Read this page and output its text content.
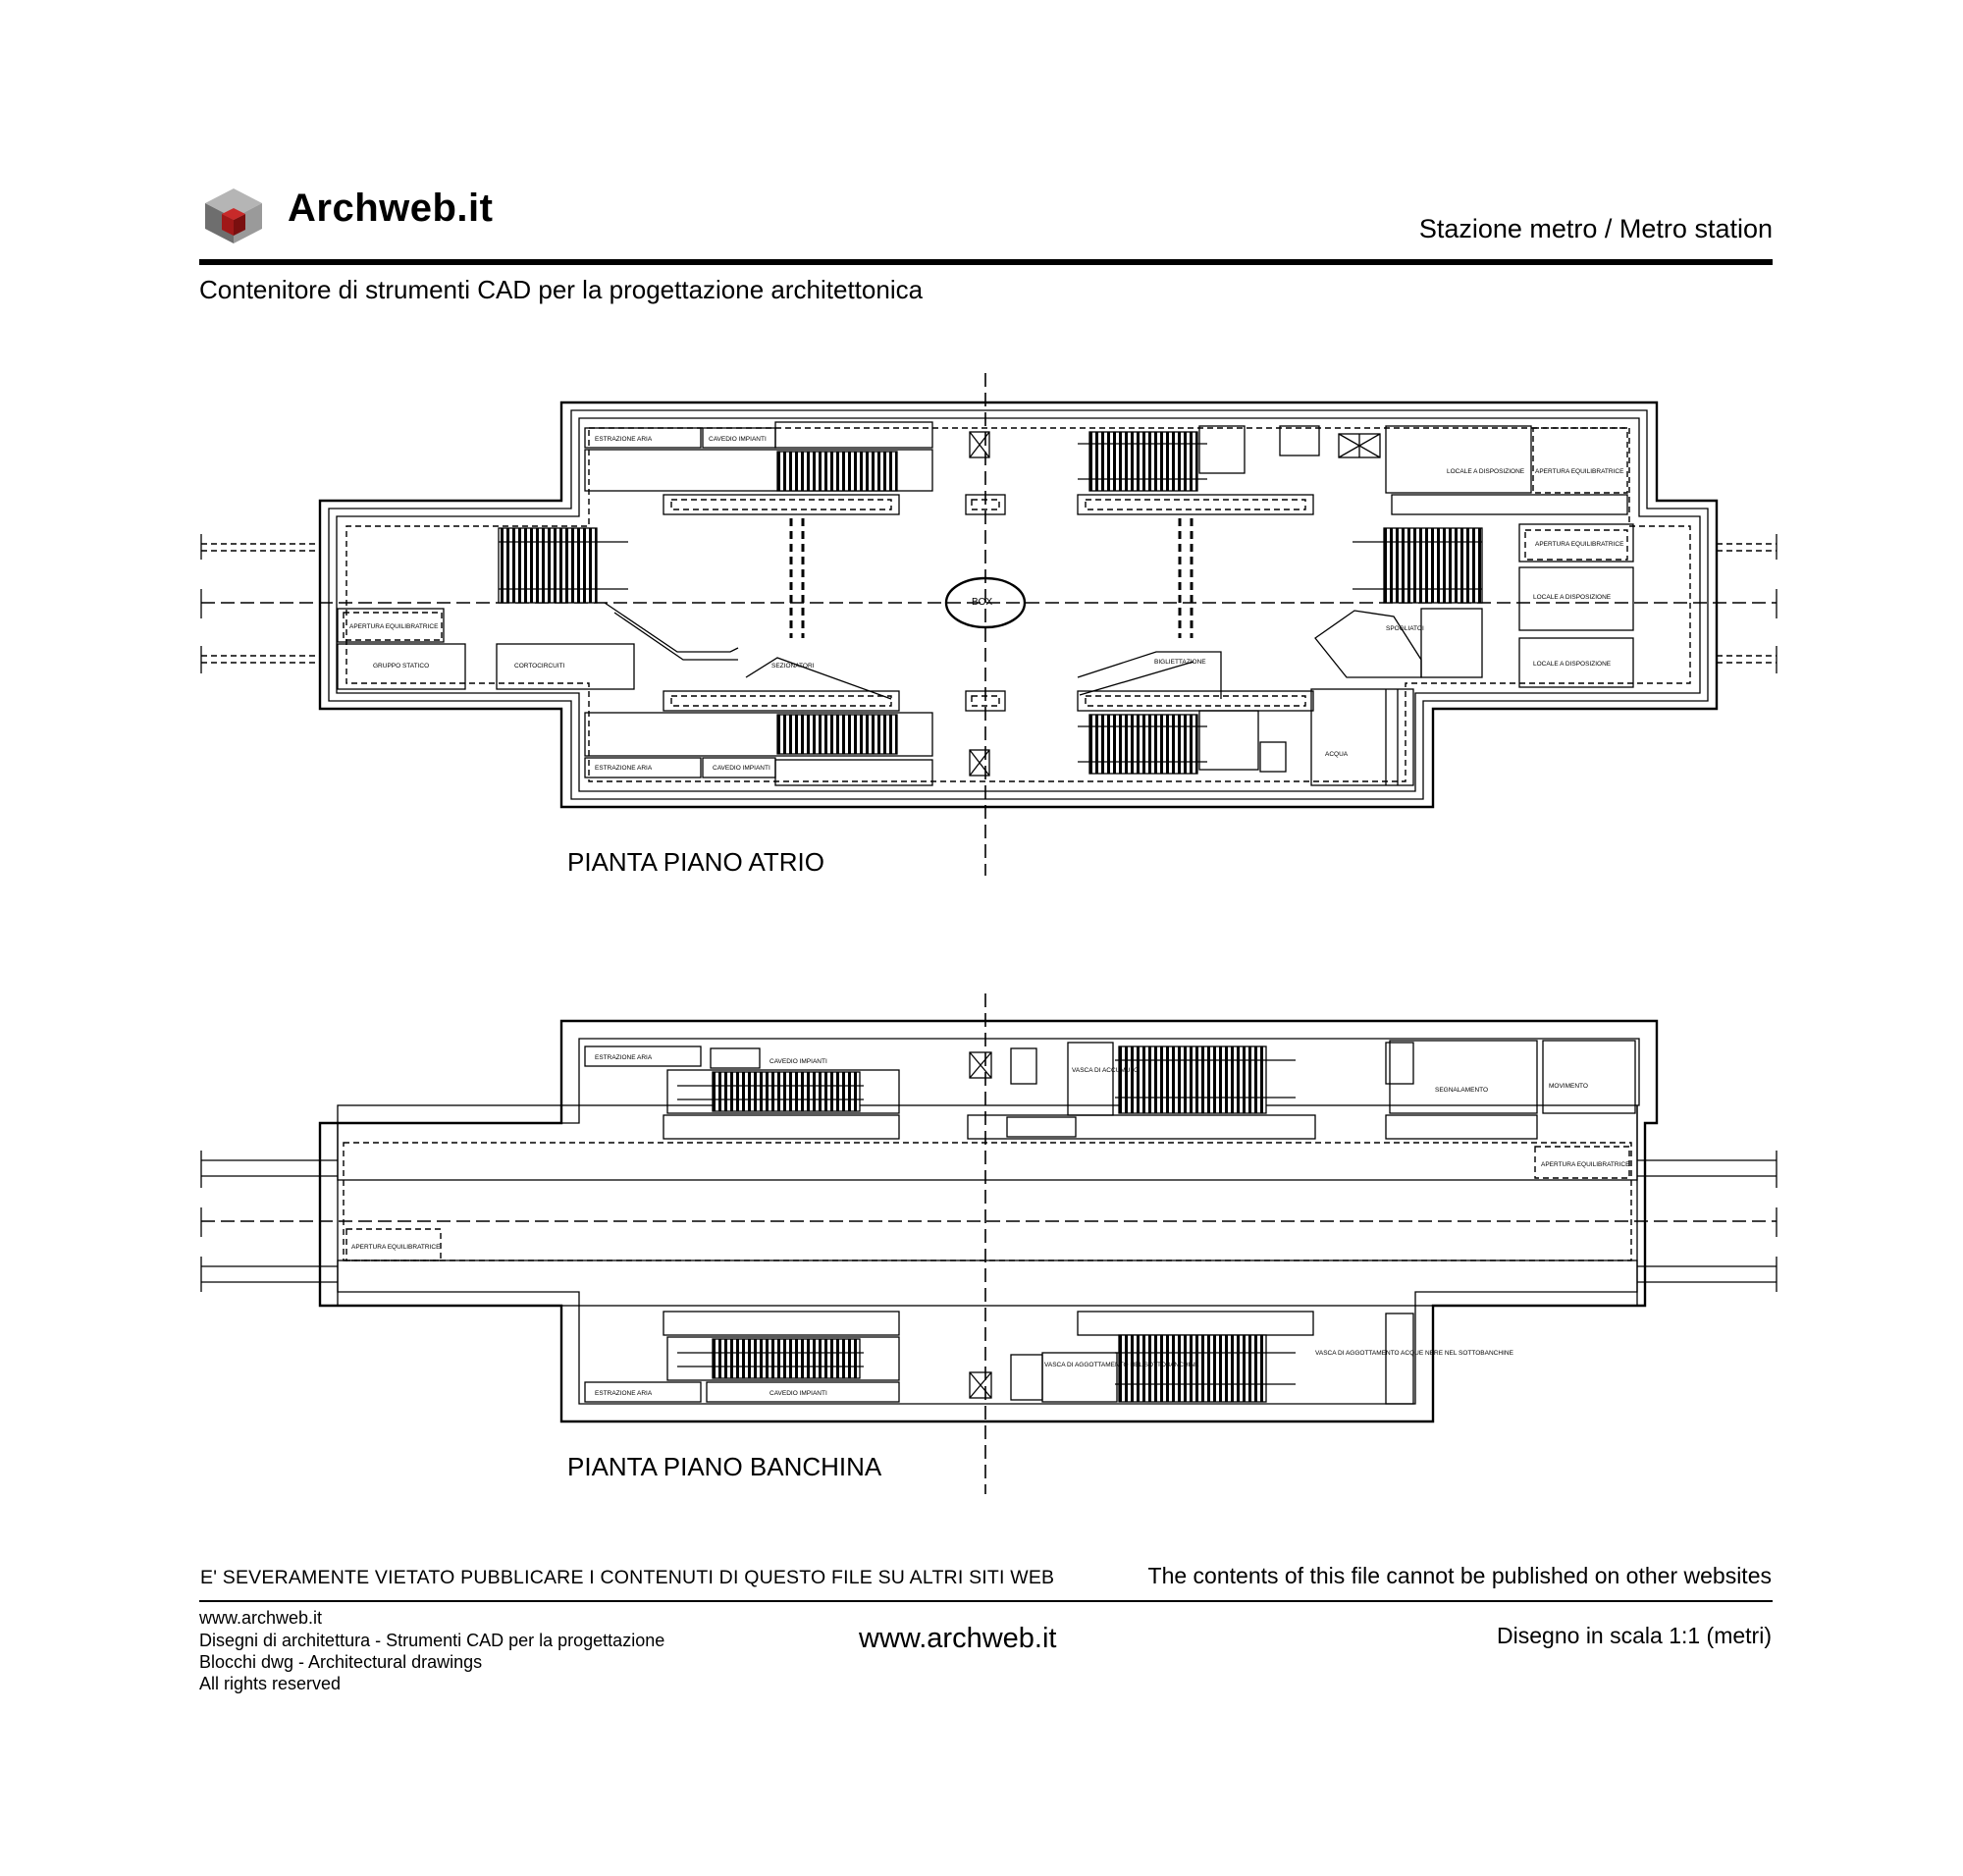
Archweb.it	Stazione metro / Metro station
Contenitore di strumenti CAD per la progettazione architettonica
ESTRAZIONE ARIA	CAVEDIO IMPIANTI
LOCALE A DISPOSIZIONE APERTURA EQUILIBRATRICE
APERTURA EQUILIBRATRICE
LOCALE A DISPOSIZIONE
LOCALE A DISPOSIZIONE
APERTURA EQUILIBRATRICE
GRUPPO STATICO	CORTOCIRCUITI	SEZIONATORI
BOX
BIGLIETTAZIONE
SPOGLIATOI
ACQUA
ESTRAZIONE ARIA	CAVEDIO IMPIANTI
ESTRAZIONE ARIA
CAVEDIO IMPIANTI
VASCA DI ACCUMULO
SEGNALAMENTO
MOVIMENTO
APERTURA EQUILIBRATRICE
APERTURA EQUILIBRATRICE
ESTRAZIONE ARIA	CAVEDIO IMPIANTI
VASCA DI AGGOTTAMENTO NEL SOTTOBANCHINE
VASCA DI AGGOTTAMENTO ACQUE NERE NEL SOTTOBANCHINE
PIANTA PIANO ATRIO
PIANTA PIANO BANCHINA
E' SEVERAMENTE VIETATO PUBBLICARE I CONTENUTI DI QUESTO FILE SU ALTRI SITI WEB	The contents of this file cannot be published on other websites
www.archweb.it
Disegni di architettura - Strumenti CAD per la progettazione
Blocchi dwg - Architectural drawings
All rights reserved
www.archweb.it	Disegno in scala 1:1 (metri)
